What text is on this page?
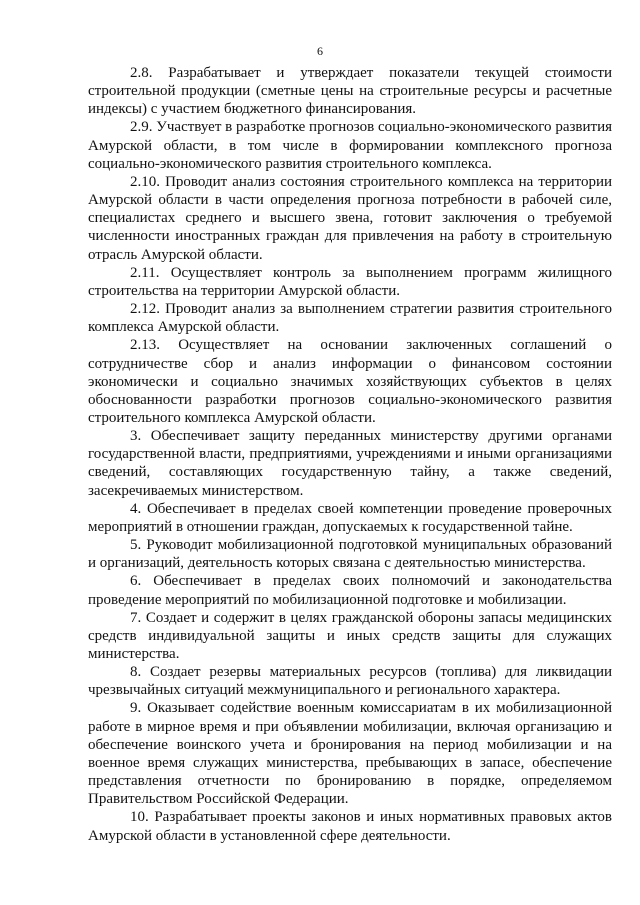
6

2.8. Разрабатывает и утверждает показатели текущей стоимости строительной продукции (сметные цены на строительные ресурсы и расчетные индексы) с участием бюджетного финансирования.

2.9. Участвует в разработке прогнозов социально-экономического развития Амурской области, в том числе в формировании комплексного прогноза социально-экономического развития строительного комплекса.

2.10. Проводит анализ состояния строительного комплекса на территории Амурской области в части определения прогноза потребности в рабочей силе, специалистах среднего и высшего звена, готовит заключения о требуемой численности иностранных граждан для привлечения на работу в строительную отрасль Амурской области.

2.11. Осуществляет контроль за выполнением программ жилищного строительства на территории Амурской области.

2.12. Проводит анализ за выполнением стратегии развития строительного комплекса Амурской области.

2.13. Осуществляет на основании заключенных соглашений о сотрудничестве сбор и анализ информации о финансовом состоянии экономически и социально значимых хозяйствующих субъектов в целях обоснованности разработки прогнозов социально-экономического развития строительного комплекса Амурской области.

3. Обеспечивает защиту переданных министерству другими органами государственной власти, предприятиями, учреждениями и иными организациями сведений, составляющих государственную тайну, а также сведений, засекречиваемых министерством.

4. Обеспечивает в пределах своей компетенции проведение проверочных мероприятий в отношении граждан, допускаемых к государственной тайне.

5. Руководит мобилизационной подготовкой муниципальных образований и организаций, деятельность которых связана с деятельностью министерства.

6. Обеспечивает в пределах своих полномочий и законодательства проведение мероприятий по мобилизационной подготовке и мобилизации.

7. Создает и содержит в целях гражданской обороны запасы медицинских средств индивидуальной защиты и иных средств защиты для служащих министерства.

8. Создает резервы материальных ресурсов (топлива) для ликвидации чрезвычайных ситуаций межмуниципального и регионального характера.

9. Оказывает содействие военным комиссариатам в их мобилизационной работе в мирное время и при объявлении мобилизации, включая организацию и обеспечение воинского учета и бронирования на период мобилизации и на военное время служащих министерства, пребывающих в запасе, обеспечение представления отчетности по бронированию в порядке, определяемом Правительством Российской Федерации.

10. Разрабатывает проекты законов и иных нормативных правовых актов Амурской области в установленной сфере деятельности.
